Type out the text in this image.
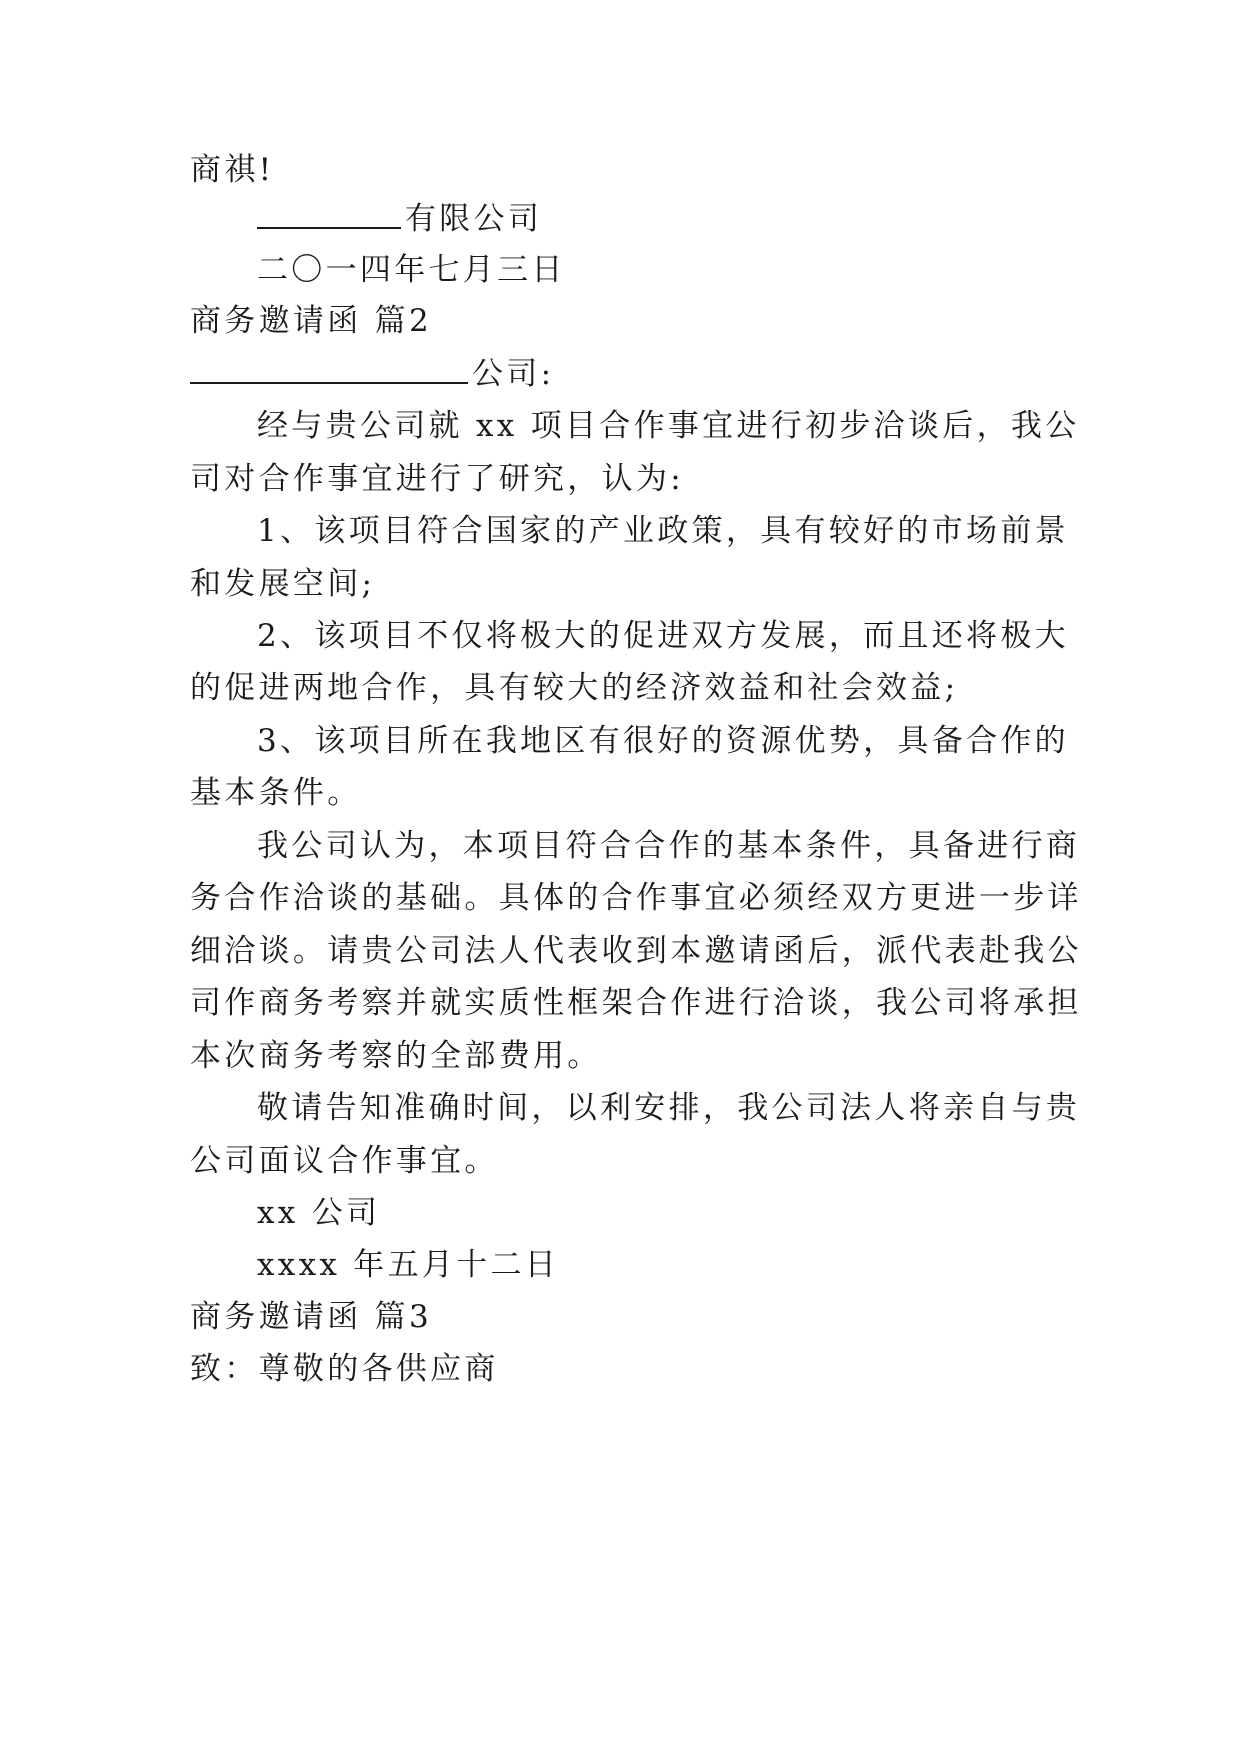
商祺!
有限公司
二〇一四年七月三日
商务邀请函 篇2
公司:
经与贵公司就 xx 项目合作事宜进行初步洽谈后，我公
司对合作事宜进行了研究，认为:
1、该项目符合国家的产业政策，具有较好的市场前景
和发展空间;
2、该项目不仅将极大的促进双方发展，而且还将极大
的促进两地合作，具有较大的经济效益和社会效益;
3、该项目所在我地区有很好的资源优势，具备合作的
基本条件。
我公司认为，本项目符合合作的基本条件，具备进行商
务合作洽谈的基础。具体的合作事宜必须经双方更进一步详
细洽谈。请贵公司法人代表收到本邀请函后，派代表赴我公
司作商务考察并就实质性框架合作进行洽谈，我公司将承担
本次商务考察的全部费用。
敬请告知准确时间，以利安排，我公司法人将亲自与贵
公司面议合作事宜。
xx 公司
xxxx 年五月十二日
商务邀请函 篇3
致：尊敬的各供应商
